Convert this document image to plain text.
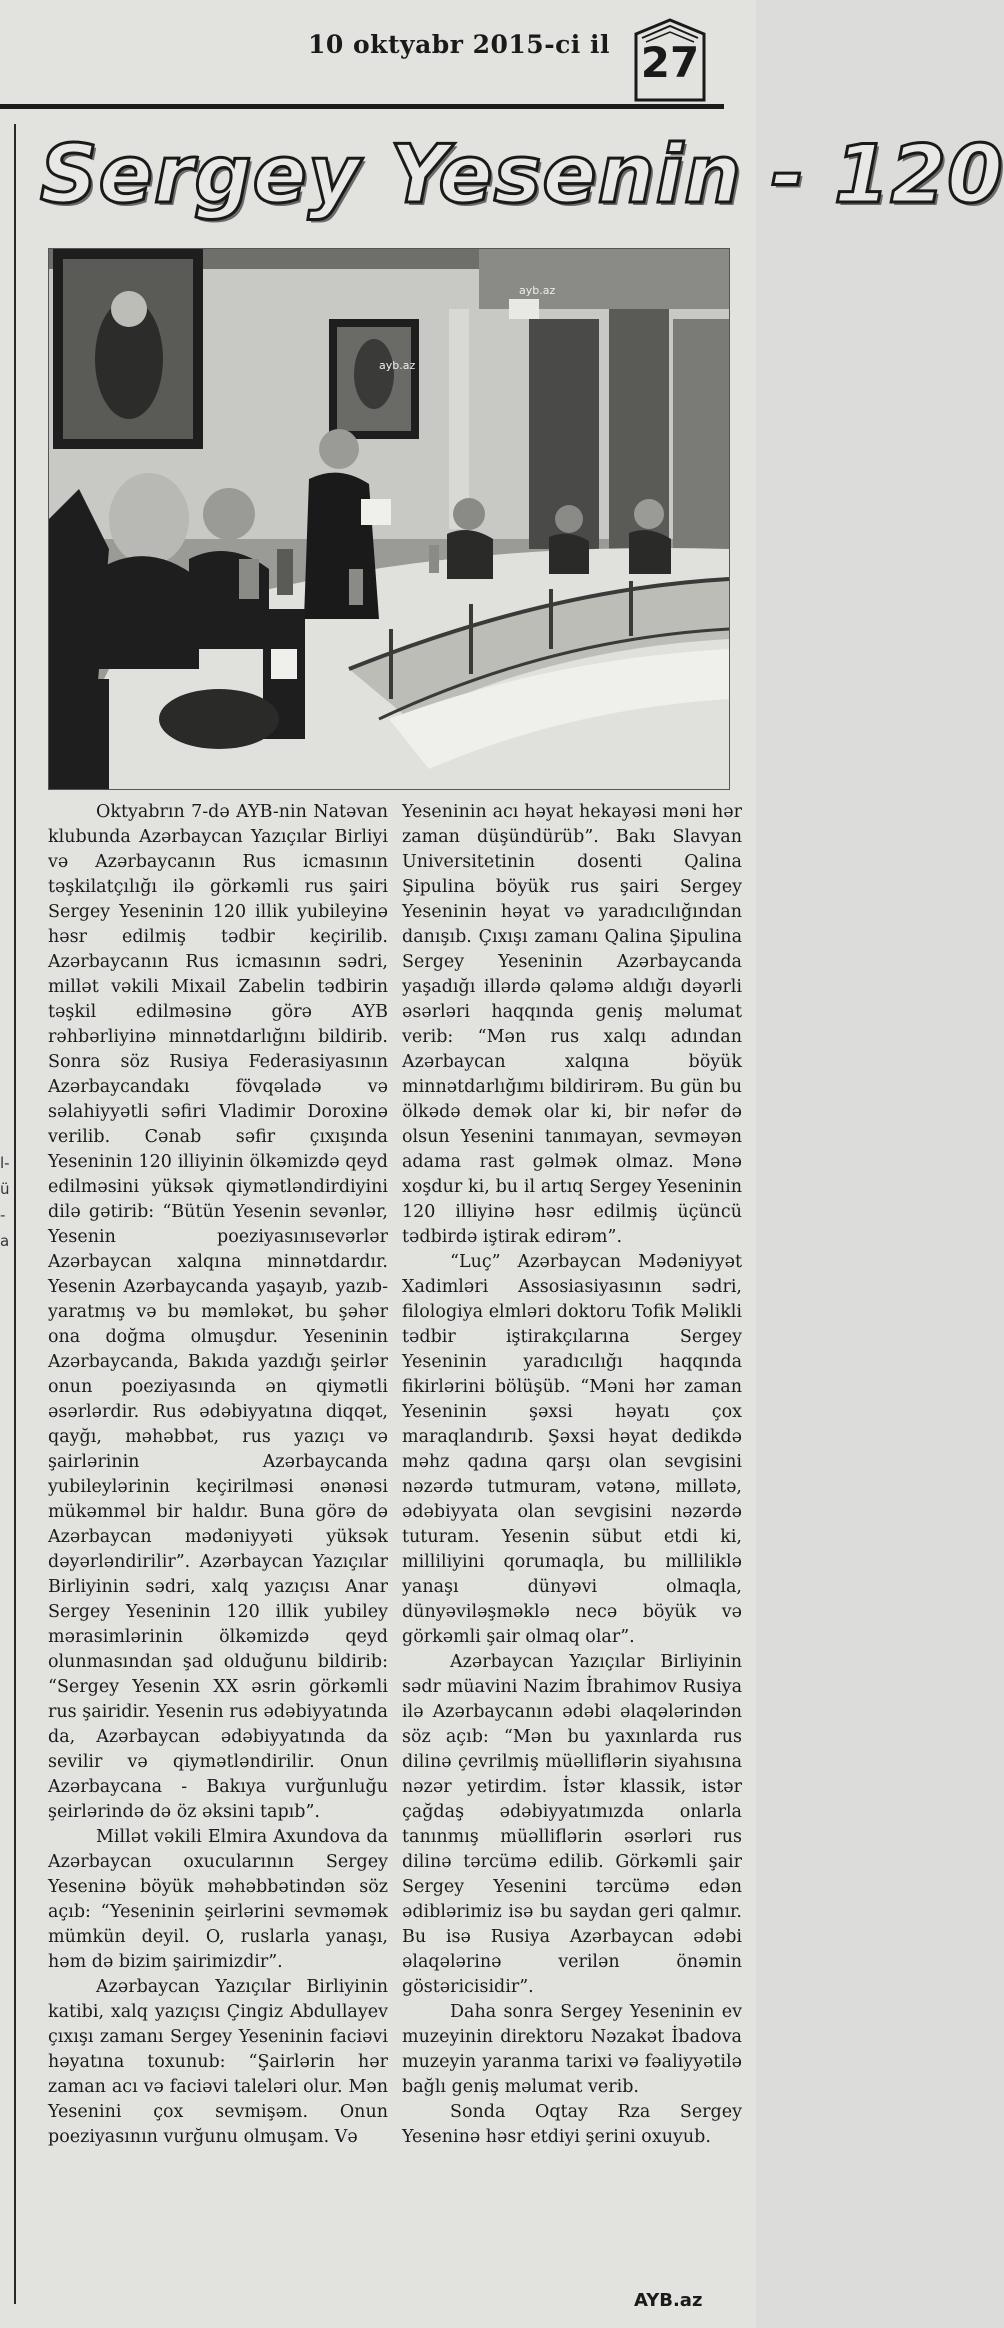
10 oktyabr 2015-ci il 27
l-
ü
-
a
Sergey Yesenin - 120
ayb.az
ayb.az

Oktyabrın 7-də AYB-nin Natəvan klubunda Azərbaycan Yazıçılar Birliyi və Azərbaycanın Rus icmasının təşkilatçılığı ilə görkəmli rus şairi Sergey Yeseninin 120 illik yubileyinə həsr edilmiş tədbir keçirilib. Azərbaycanın Rus icmasının sədri, millət vəkili Mixail Zabelin tədbirin təşkil edilməsinə görə AYB rəhbərliyinə minnətdarlığını bildirib. Sonra söz Rusiya Federasiyasının Azərbaycandakı fövqəladə və səlahiyyətli səfiri Vladimir Doroxinə verilib. Cənab səfir çıxışında Yeseninin 120 illiyinin ölkəmizdə qeyd edilməsini yüksək qiymətləndirdiyini dilə gətirib: “Bütün Yesenin sevənlər, Yesenin poeziyasınısevərlər Azərbaycan xalqına minnətdardır. Yesenin Azərbaycanda yaşayıb, yazıb-yaratmış və bu məmləkət, bu şəhər ona doğma olmuşdur. Yeseninin Azərbaycanda, Bakıda yazdığı şeirlər onun poeziyasında ən qiymətli əsərlərdir. Rus ədəbiyyatına diqqət, qayğı, məhəbbət, rus yazıçı və şairlərinin Azərbaycanda yubileylərinin keçirilməsi ənənəsi mükəmməl bir haldır. Buna görə də Azərbaycan mədəniyyəti yüksək dəyərləndirilir”. Azərbaycan Yazıçılar Birliyinin sədri, xalq yazıçısı Anar Sergey Yeseninin 120 illik yubiley mərasimlərinin ölkəmizdə qeyd olunmasından şad olduğunu bildirib: “Sergey Yesenin XX əsrin görkəmli rus şairidir. Yesenin rus ədəbiyyatında da, Azərbaycan ədəbiyyatında da sevilir və qiymətləndirilir. Onun Azərbaycana - Bakıya vurğunluğu şeirlərində də öz əksini tapıb”.

Millət vəkili Elmira Axundova da Azərbaycan oxucularının Sergey Yeseninə böyük məhəbbətindən söz açıb: “Yeseninin şeirlərini sevməmək mümkün deyil. O, ruslarla yanaşı, həm də bizim şairimizdir”.

Azərbaycan Yazıçılar Birliyinin katibi, xalq yazıçısı Çingiz Abdullayev çıxışı zamanı Sergey Yeseninin faciəvi həyatına toxunub: “Şairlərin hər zaman acı və faciəvi taleləri olur. Mən Yesenini çox sevmişəm. Onun poeziyasının vurğunu olmuşam. Və

Yeseninin acı həyat hekayəsi məni hər zaman düşündürüb”. Bakı Slavyan Universitetinin dosenti Qalina Şipulina böyük rus şairi Sergey Yeseninin həyat və yaradıcılığından danışıb. Çıxışı zamanı Qalina Şipulina Sergey Yeseninin Azərbaycanda yaşadığı illərdə qələmə aldığı dəyərli əsərləri haqqında geniş məlumat verib: “Mən rus xalqı adından Azərbaycan xalqına böyük minnətdarlığımı bildirirəm. Bu gün bu ölkədə demək olar ki, bir nəfər də olsun Yesenini tanımayan, sevməyən adama rast gəlmək olmaz. Mənə xoşdur ki, bu il artıq Sergey Yeseninin 120 illiyinə həsr edilmiş üçüncü tədbirdə iştirak edirəm”.

“Luç” Azərbaycan Mədəniyyət Xadimləri Assosiasiyasının sədri, filologiya elmləri doktoru Tofik Məlikli tədbir iştirakçılarına Sergey Yeseninin yaradıcılığı haqqında fikirlərini bölüşüb. “Məni hər zaman Yeseninin şəxsi həyatı çox maraqlandırıb. Şəxsi həyat dedikdə məhz qadına qarşı olan sevgisini nəzərdə tutmuram, vətənə, millətə, ədəbiyyata olan sevgisini nəzərdə tuturam. Yesenin sübut etdi ki, milliliyini qorumaqla, bu milliliklə yanaşı dünyəvi olmaqla, dünyəviləşməklə necə böyük və görkəmli şair olmaq olar”.

Azərbaycan Yazıçılar Birliyinin sədr müavini Nazim İbrahimov Rusiya ilə Azərbaycanın ədəbi əlaqələrindən söz açıb: “Mən bu yaxınlarda rus dilinə çevrilmiş müəlliflərin siyahısına nəzər yetirdim. İstər klassik, istər çağdaş ədəbiyyatımızda onlarla tanınmış müəlliflərin əsərləri rus dilinə tərcümə edilib. Görkəmli şair Sergey Yesenini tərcümə edən ədiblərimiz isə bu saydan geri qalmır. Bu isə Rusiya Azərbaycan ədəbi əlaqələrinə verilən önəmin göstəricisidir”.

Daha sonra Sergey Yeseninin ev muzeyinin direktoru Nəzakət İbadova muzeyin yaranma tarixi və fəaliyyətilə bağlı geniş məlumat verib.

Sonda Oqtay Rza Sergey Yeseninə həsr etdiyi şerini oxuyub.

AYB.az
